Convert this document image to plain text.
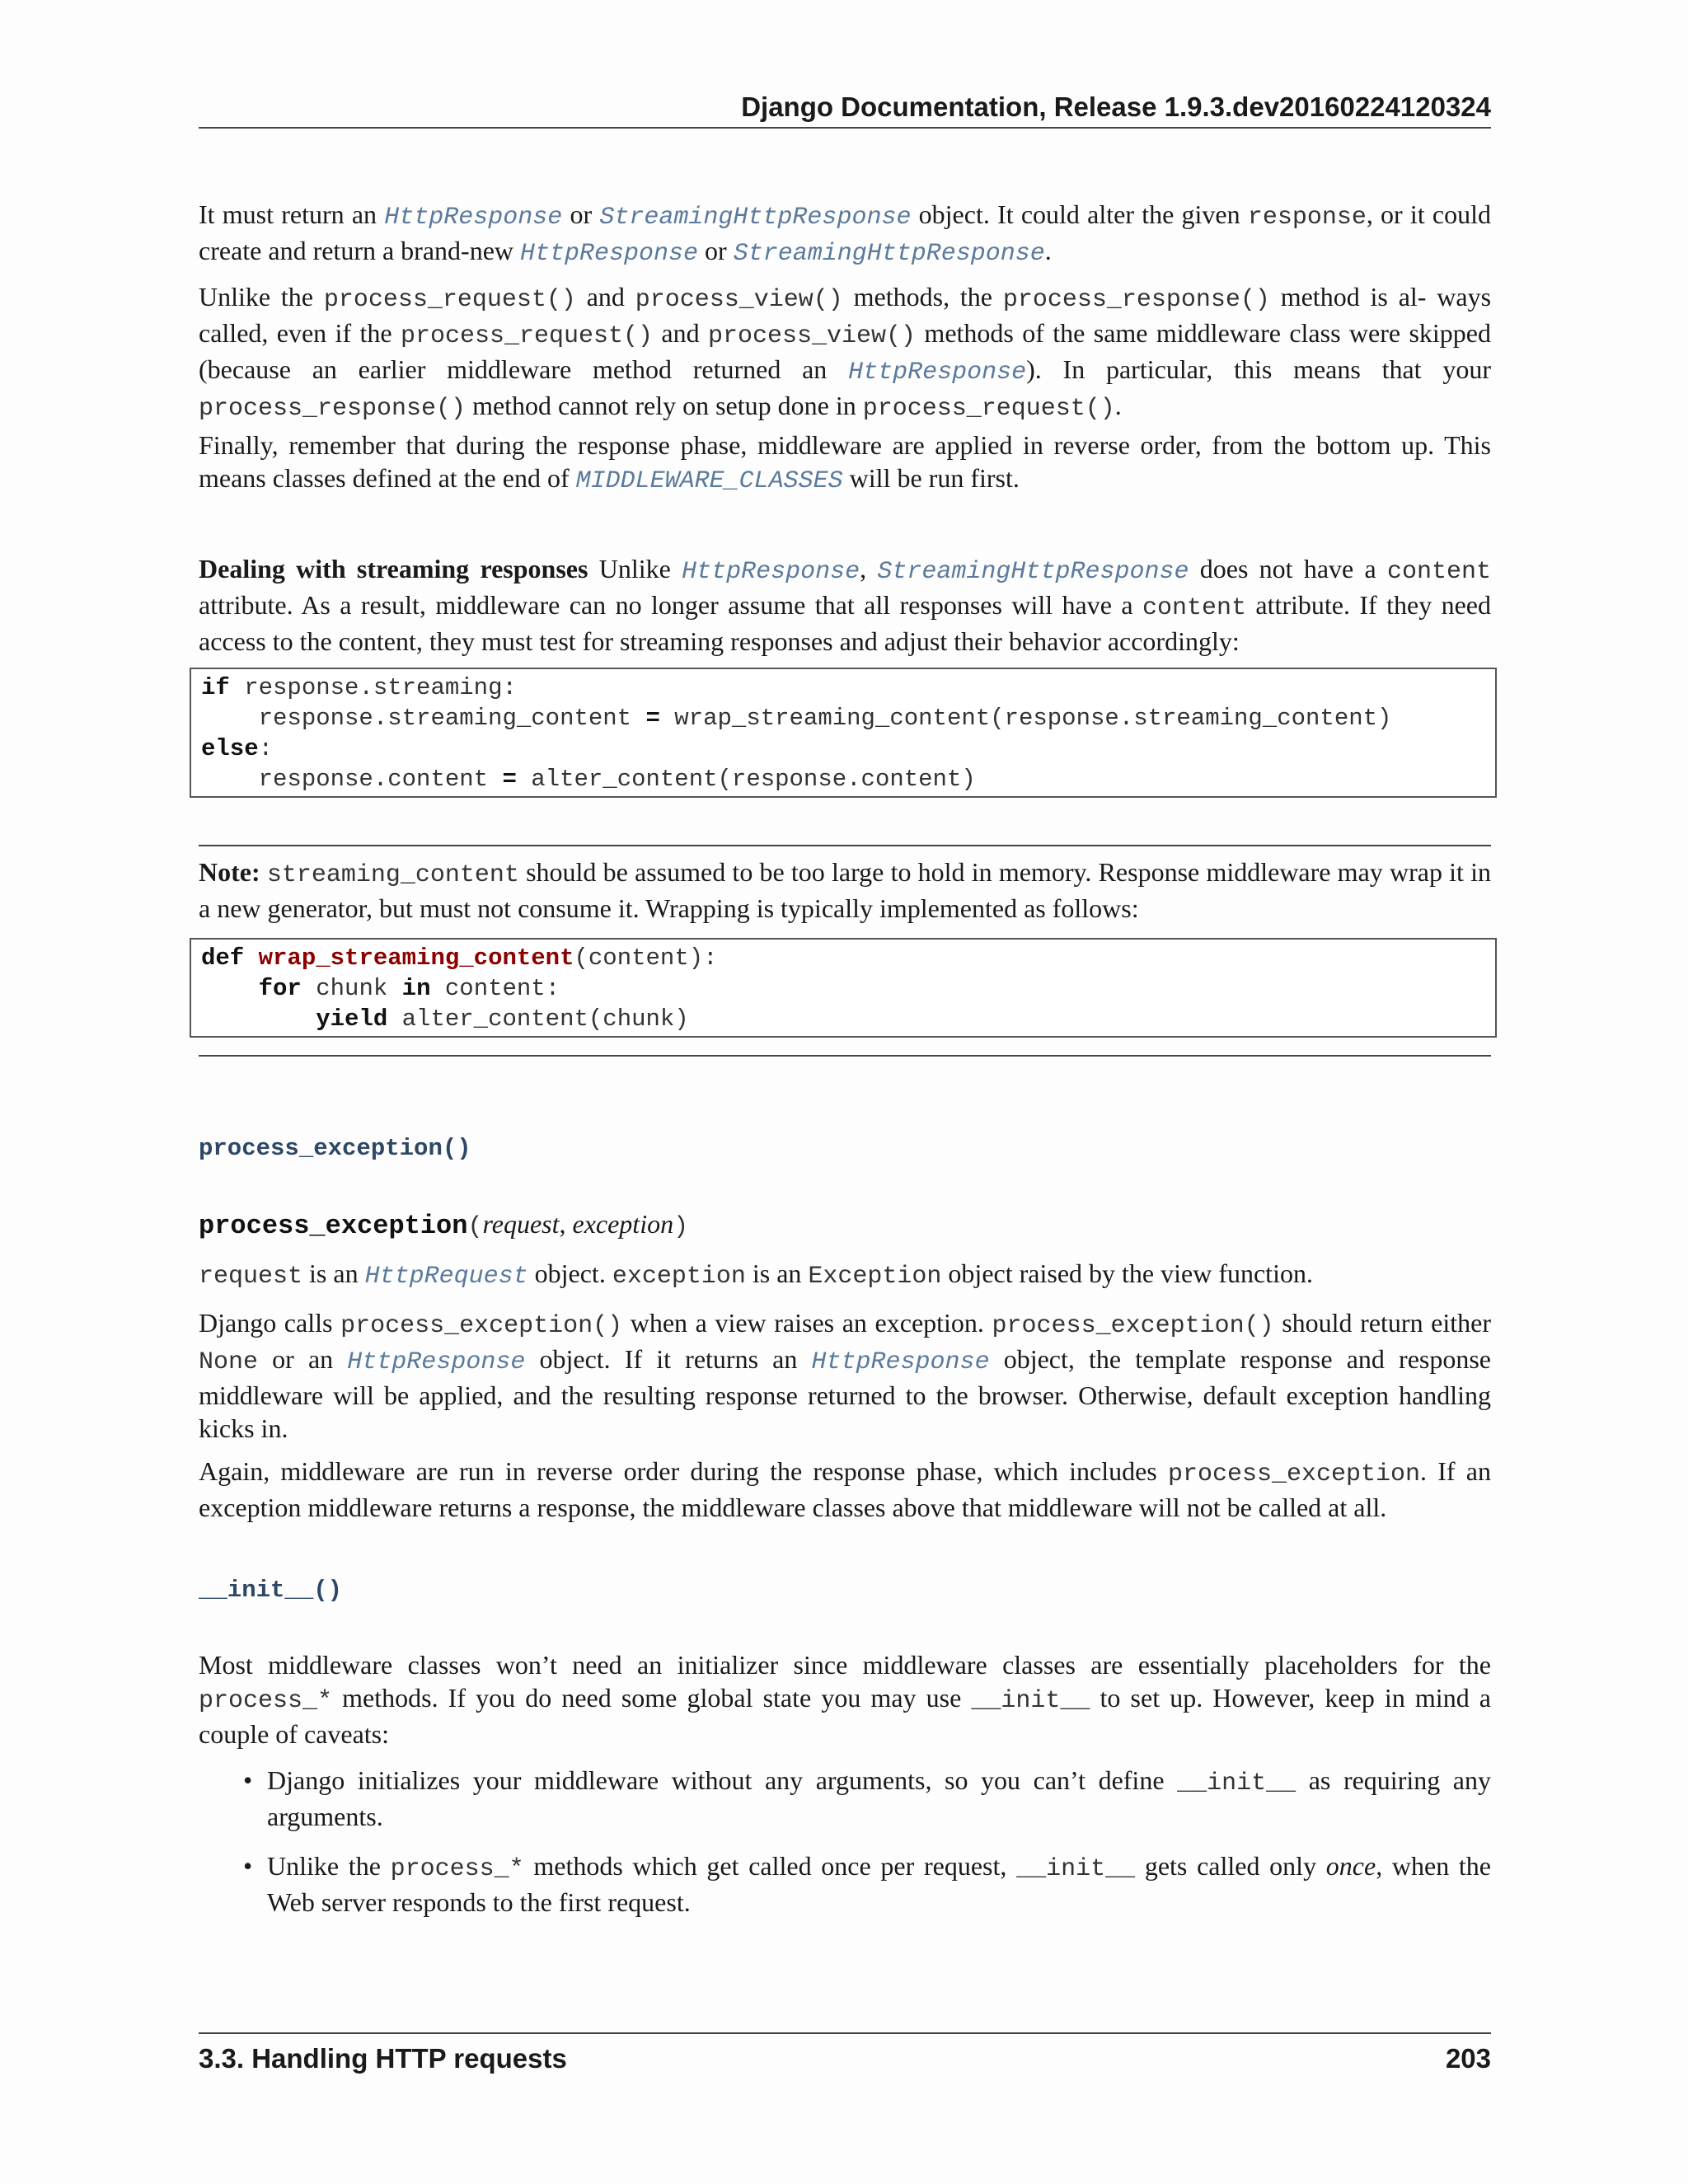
Django Documentation, Release 1.9.3.dev20160224120324

It must return an HttpResponse or StreamingHttpResponse object. It could alter the given response, or it could create and return a brand-new HttpResponse or StreamingHttpResponse.

Unlike the process_request() and process_view() methods, the process_response() method is al- ways called, even if the process_request() and process_view() methods of the same middleware class were skipped (because an earlier middleware method returned an HttpResponse). In particular, this means that your process_response() method cannot rely on setup done in process_request().

Finally, remember that during the response phase, middleware are applied in reverse order, from the bottom up. This means classes defined at the end of MIDDLEWARE_CLASSES will be run first.

Dealing with streaming responses Unlike HttpResponse, StreamingHttpResponse does not have a content attribute. As a result, middleware can no longer assume that all responses will have a content attribute. If they need access to the content, they must test for streaming responses and adjust their behavior accordingly:

if response.streaming:
response.streaming_content = wrap_streaming_content(response.streaming_content)
else:
response.content = alter_content(response.content)

Note: streaming_content should be assumed to be too large to hold in memory. Response middleware may wrap it in a new generator, but must not consume it. Wrapping is typically implemented as follows:

def wrap_streaming_content(content):
for chunk in content:
yield alter_content(chunk)
process_exception()
process_exception(request, exception)

request is an HttpRequest object. exception is an Exception object raised by the view function.

Django calls process_exception() when a view raises an exception. process_exception() should return either None or an HttpResponse object. If it returns an HttpResponse object, the template response and response middleware will be applied, and the resulting response returned to the browser. Otherwise, default exception handling kicks in.

Again, middleware are run in reverse order during the response phase, which includes process_exception. If an exception middleware returns a response, the middleware classes above that middleware will not be called at all.

__init__()

Most middleware classes won’t need an initializer since middleware classes are essentially placeholders for the process_* methods. If you do need some global state you may use __init__ to set up. However, keep in mind a couple of caveats:

• Django initializes your middleware without any arguments, so you can’t define __init__ as requiring any arguments.
• Unlike the process_* methods which get called once per request, __init__ gets called only once, when the Web server responds to the first request.
3.3. Handling HTTP requests	203
